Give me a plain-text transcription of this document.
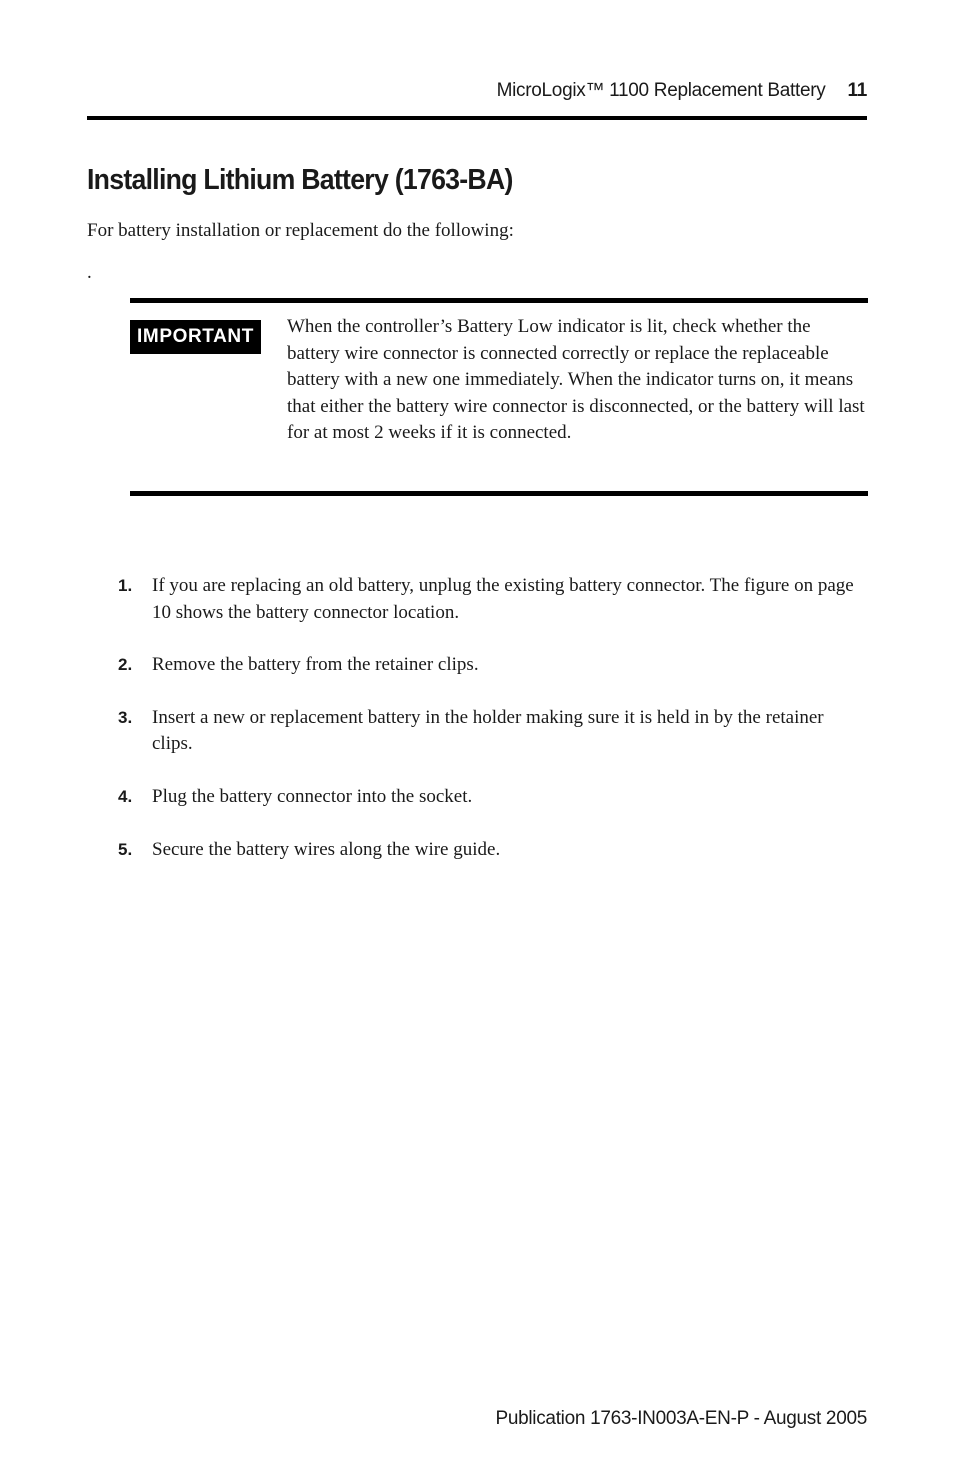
MicroLogix™ 1100 Replacement Battery 11
Installing Lithium Battery (1763-BA)

For battery installation or replacement do the following:

.

IMPORTANT	When the controller’s Battery Low indicator is lit, check whether the battery wire connector is connected correctly or replace the replaceable battery with a new one immediately. When the indicator turns on, it means that either the battery wire connector is disconnected, or the battery will last for at most 2 weeks if it is connected.

1. If you are replacing an old battery, unplug the existing battery connector. The figure on page 10 shows the battery connector location.
2. Remove the battery from the retainer clips.
3. Insert a new or replacement battery in the holder making sure it is held in by the retainer clips.
4. Plug the battery connector into the socket.
5. Secure the battery wires along the wire guide.

Publication 1763-IN003A-EN-P - August 2005
